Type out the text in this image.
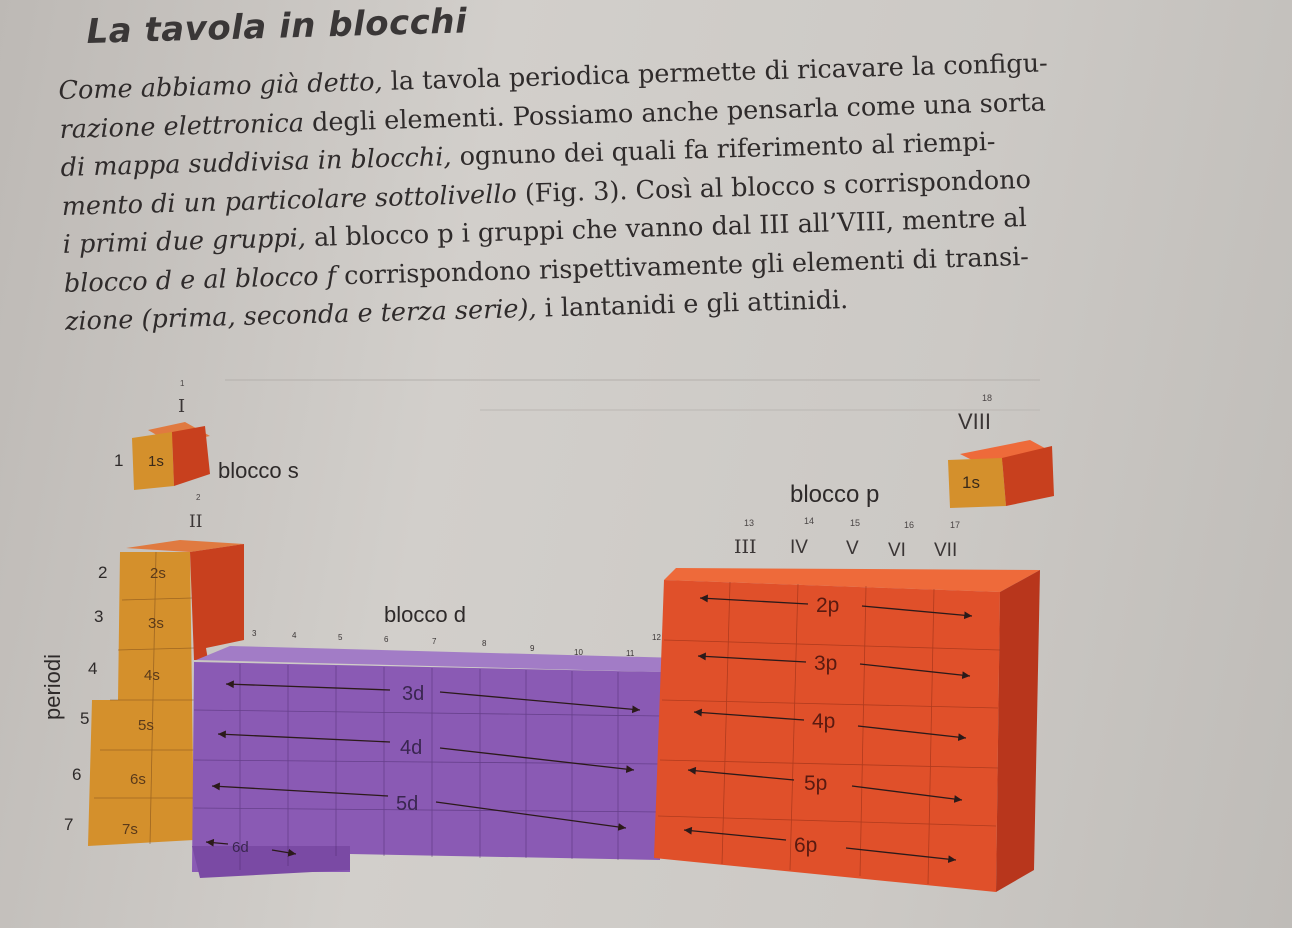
La tavola in blocchi
Come abbiamo già detto, la tavola periodica permette di ricavare la configu-
razione elettronica degli elementi. Possiamo anche pensarla come una sorta
di mappa suddivisa in blocchi, ognuno dei quali fa riferimento al riempi-
mento di un particolare sottolivello (Fig. 3). Così al blocco s corrispondono
i primi due gruppi, al blocco p i gruppi che vanno dal III all’VIII, mentre al
blocco d e al blocco f corrispondono rispettivamente gli elementi di transi-
zione (prima, seconda e terza serie), i lantanidi e gli attinidi.
1s
1s
1
I
2
II
18
VIII
blocco s
blocco p
blocco d
13	14	15	16	17
III IV V VI VII
3	4	5	6	7	8
9	10	11
12
periodi
1
2
3
4
5
6
7
2s
3s
4s
5s
6s
7s
3d
4d
5d
6d
2p
3p
4p
5p
6p
